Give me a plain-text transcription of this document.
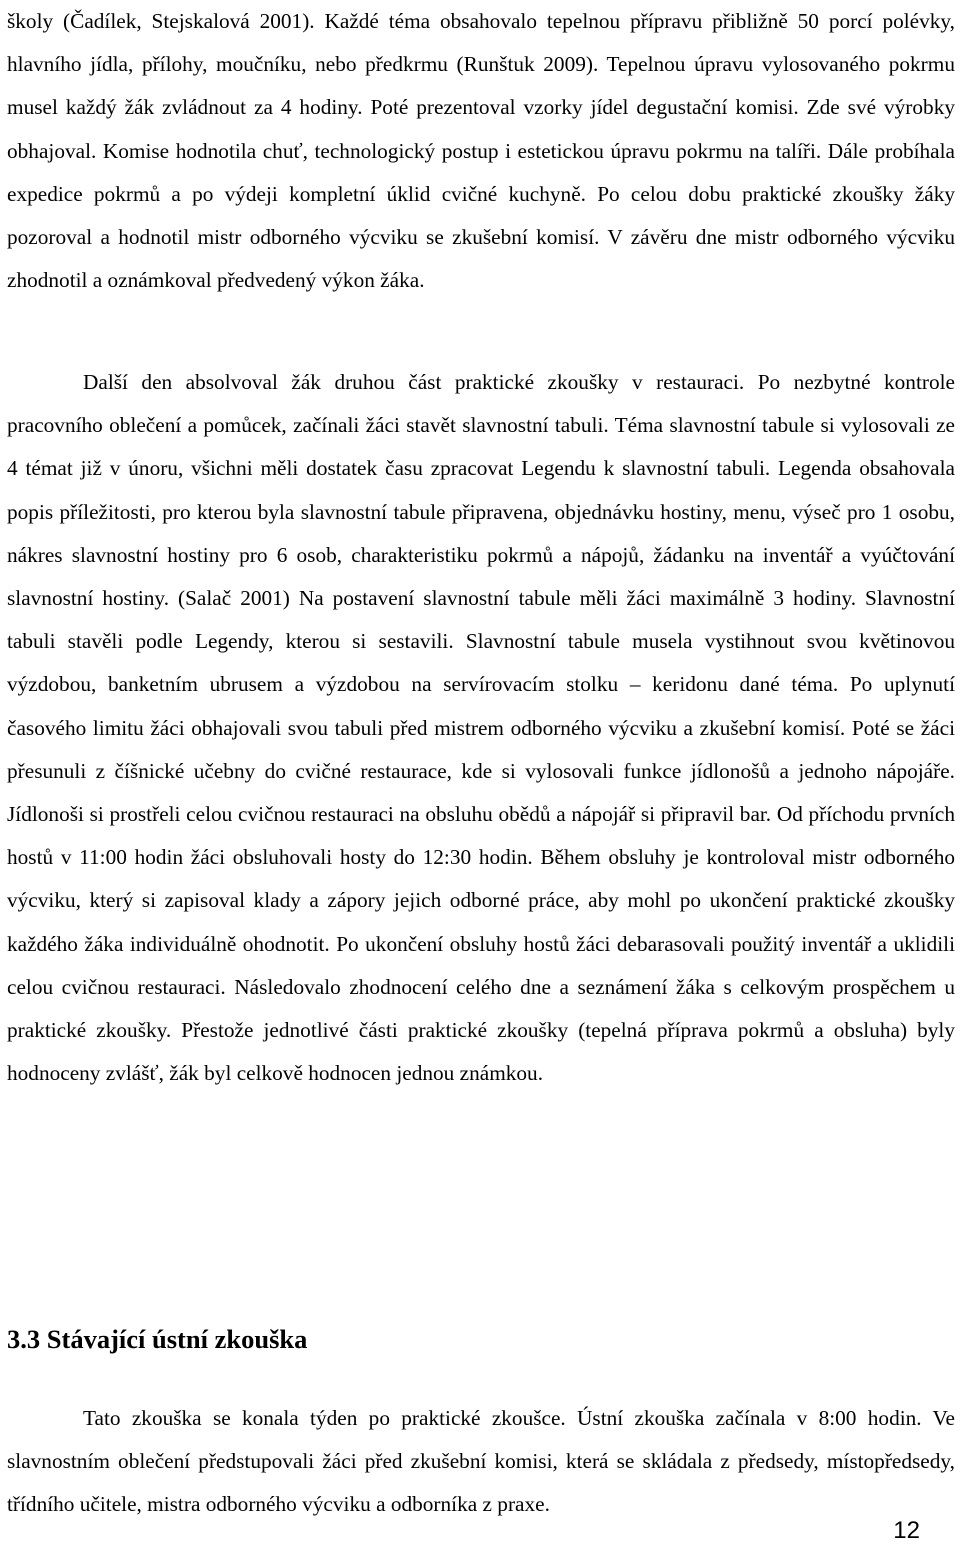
školy (Čadílek, Stejskalová 2001). Každé téma obsahovalo tepelnou přípravu přibližně 50 porcí polévky, hlavního jídla, přílohy, moučníku, nebo předkrmu (Runštuk 2009). Tepelnou úpravu vylosovaného pokrmu musel každý žák zvládnout za 4 hodiny. Poté prezentoval vzorky jídel degustační komisi. Zde své výrobky obhajoval. Komise hodnotila chuť, technologický postup i estetickou úpravu pokrmu na talíři. Dále probíhala expedice pokrmů a po výdeji kompletní úklid cvičné kuchyně. Po celou dobu praktické zkoušky žáky pozoroval a hodnotil mistr odborného výcviku se zkušební komisí. V závěru dne mistr odborného výcviku zhodnotil a oznámkoval předvedený výkon žáka.

Další den absolvoval žák druhou část praktické zkoušky v restauraci. Po nezbytné kontrole pracovního oblečení a pomůcek, začínali žáci stavět slavnostní tabuli. Téma slavnostní tabule si vylosovali ze 4 témat již v únoru, všichni měli dostatek času zpracovat Legendu k slavnostní tabuli. Legenda obsahovala popis příležitosti, pro kterou byla slavnostní tabule připravena, objednávku hostiny, menu, výseč pro 1 osobu, nákres slavnostní hostiny pro 6 osob, charakteristiku pokrmů a nápojů, žádanku na inventář a vyúčtování slavnostní hostiny. (Salač 2001) Na postavení slavnostní tabule měli žáci maximálně 3 hodiny. Slavnostní tabuli stavěli podle Legendy, kterou si sestavili. Slavnostní tabule musela vystihnout svou květinovou výzdobou, banketním ubrusem a výzdobou na servírovacím stolku – keridonu dané téma. Po uplynutí časového limitu žáci obhajovali svou tabuli před mistrem odborného výcviku a zkušební komisí. Poté se žáci přesunuli z číšnické učebny do cvičné restaurace, kde si vylosovali funkce jídlonošů a jednoho nápojáře. Jídlonoši si prostřeli celou cvičnou restauraci na obsluhu obědů a nápojář si připravil bar. Od příchodu prvních hostů v 11:00 hodin žáci obsluhovali hosty do 12:30 hodin. Během obsluhy je kontroloval mistr odborného výcviku, který si zapisoval klady a zápory jejich odborné práce, aby mohl po ukončení praktické zkoušky každého žáka individuálně ohodnotit. Po ukončení obsluhy hostů žáci debarasovali použitý inventář a uklidili celou cvičnou restauraci. Následovalo zhodnocení celého dne a seznámení žáka s celkovým prospěchem u praktické zkoušky. Přestože jednotlivé části praktické zkoušky (tepelná příprava pokrmů a obsluha) byly hodnoceny zvlášť, žák byl celkově hodnocen jednou známkou.

3.3 Stávající ústní zkouška

Tato zkouška se konala týden po praktické zkoušce. Ústní zkouška začínala v 8:00 hodin. Ve slavnostním oblečení předstupovali žáci před zkušební komisi, která se skládala z předsedy, místopředsedy, třídního učitele, mistra odborného výcviku a odborníka z praxe.

12
